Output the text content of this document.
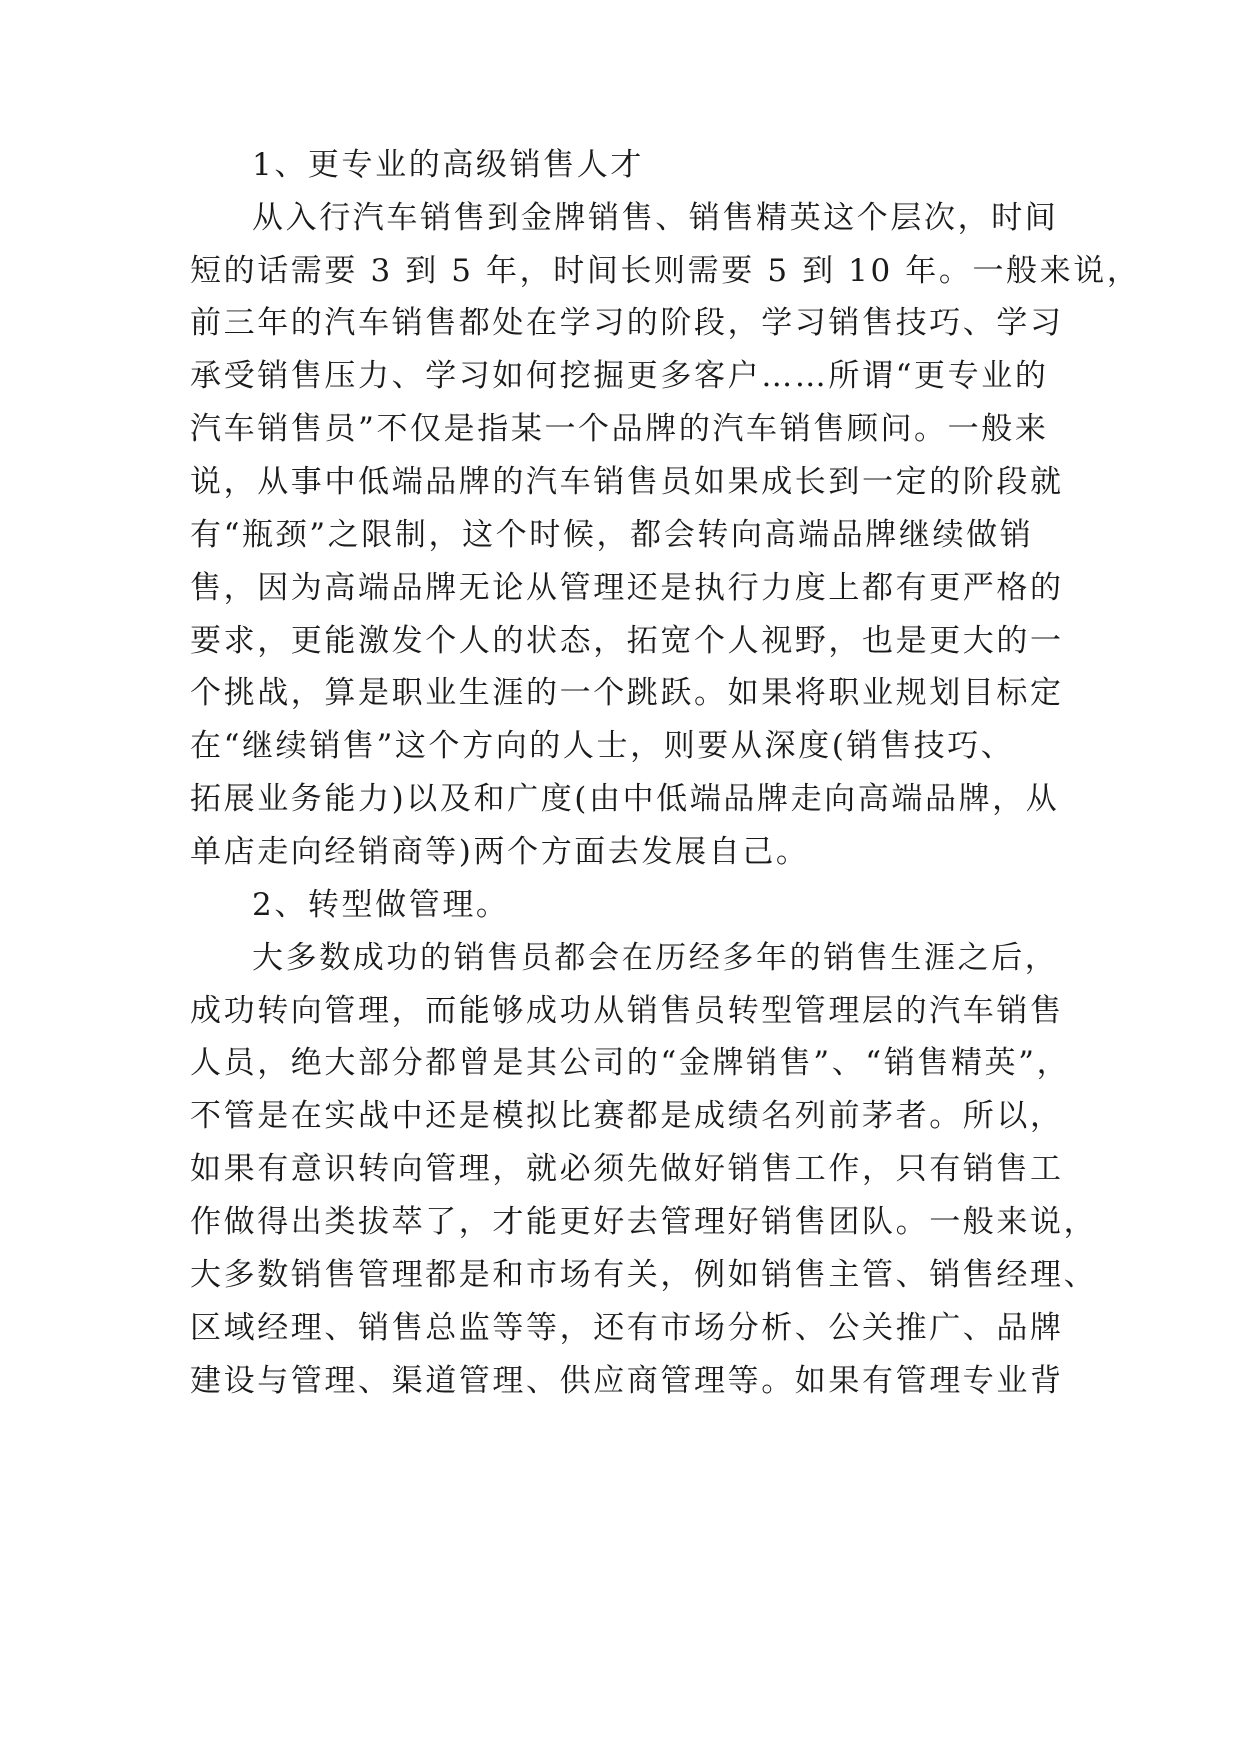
1、更专业的高级销售人才
从入行汽车销售到金牌销售、销售精英这个层次，时间
短的话需要 3 到 5 年，时间长则需要 5 到 10 年。一般来说，
前三年的汽车销售都处在学习的阶段，学习销售技巧、学习
承受销售压力、学习如何挖掘更多客户……所谓“更专业的
汽车销售员”不仅是指某一个品牌的汽车销售顾问。一般来
说，从事中低端品牌的汽车销售员如果成长到一定的阶段就
有“瓶颈”之限制，这个时候，都会转向高端品牌继续做销
售，因为高端品牌无论从管理还是执行力度上都有更严格的
要求，更能激发个人的状态，拓宽个人视野，也是更大的一
个挑战，算是职业生涯的一个跳跃。如果将职业规划目标定
在“继续销售”这个方向的人士，则要从深度(销售技巧、
拓展业务能力)以及和广度(由中低端品牌走向高端品牌，从
单店走向经销商等)两个方面去发展自己。
2、转型做管理。
大多数成功的销售员都会在历经多年的销售生涯之后，
成功转向管理，而能够成功从销售员转型管理层的汽车销售
人员，绝大部分都曾是其公司的“金牌销售”、“销售精英”，
不管是在实战中还是模拟比赛都是成绩名列前茅者。所以，
如果有意识转向管理，就必须先做好销售工作，只有销售工
作做得出类拔萃了，才能更好去管理好销售团队。一般来说，
大多数销售管理都是和市场有关，例如销售主管、销售经理、
区域经理、销售总监等等，还有市场分析、公关推广、品牌
建设与管理、渠道管理、供应商管理等。如果有管理专业背
